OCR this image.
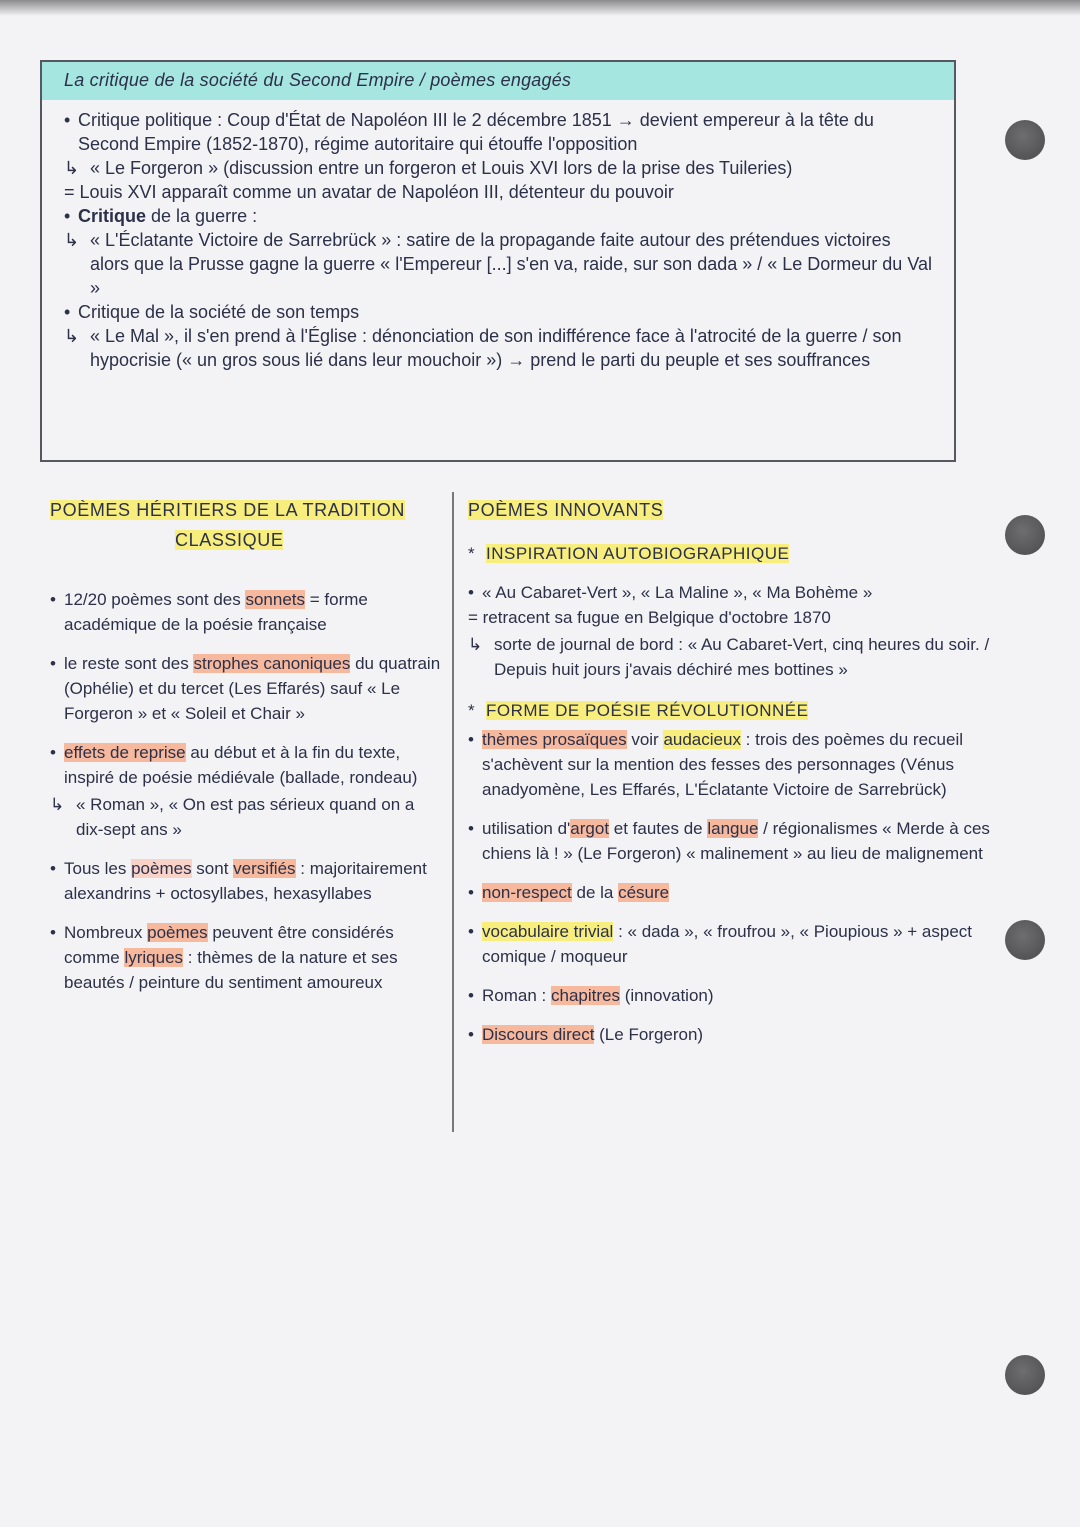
La critique de la société du Second Empire / poèmes engagés
• Critique politique : Coup d'État de Napoléon III le 2 décembre 1851 → devient empereur à la tête du Second Empire (1852-1870), régime autoritaire qui étouffe l'opposition
↳
« Le Forgeron » (discussion entre un forgeron et Louis XVI lors de la prise des Tuileries)
= Louis XVI apparaît comme un avatar de Napoléon III, détenteur du pouvoir
• Critique de la guerre :
↳
« L'Éclatante Victoire de Sarrebrück » : satire de la propagande faite autour des prétendues victoires alors que la Prusse gagne la guerre « l'Empereur [...] s'en va, raide, sur son dada » / « Le Dormeur du Val »
• Critique de la société de son temps
↳
« Le Mal », il s'en prend à l'Église : dénonciation de son indifférence face à l'atrocité de la guerre / son hypocrisie (« un gros sous lié dans leur mouchoir ») → prend le parti du peuple et ses souffrances
POÈMES HÉRITIERS DE LA TRADITION
CLASSIQUE
• 12/20 poèmes sont des sonnets = forme académique de la poésie française
• le reste sont des strophes canoniques du quatrain (Ophélie) et du tercet (Les Effarés) sauf « Le Forgeron » et « Soleil et Chair »
• effets de reprise au début et à la fin du texte, inspiré de poésie médiévale (ballade, rondeau)
↳
« Roman », « On est pas sérieux quand on a dix-sept ans »
• Tous les poèmes sont versifiés : majoritairement alexandrins + octosyllabes, hexasyllabes
• Nombreux poèmes peuvent être considérés comme lyriques : thèmes de la nature et ses beautés / peinture du sentiment amoureux
POÈMES INNOVANTS
* INSPIRATION AUTOBIOGRAPHIQUE
• « Au Cabaret-Vert », « La Maline », « Ma Bohème »
= retracent sa fugue en Belgique d'octobre 1870
↳
sorte de journal de bord : « Au Cabaret-Vert, cinq heures du soir. / Depuis huit jours j'avais déchiré mes bottines »
* FORME DE POÉSIE RÉVOLUTIONNÉE
• thèmes prosaïques voir audacieux : trois des poèmes du recueil s'achèvent sur la mention des fesses des personnages (Vénus anadyomène, Les Effarés, L'Éclatante Victoire de Sarrebrück)
• utilisation d'argot et fautes de langue / régionalismes « Merde à ces chiens là ! » (Le Forgeron) « malinement » au lieu de malignement
• non-respect de la césure
• vocabulaire trivial : « dada », « froufrou », « Pioupious » + aspect comique / moqueur
• Roman : chapitres (innovation)
• Discours direct (Le Forgeron)
